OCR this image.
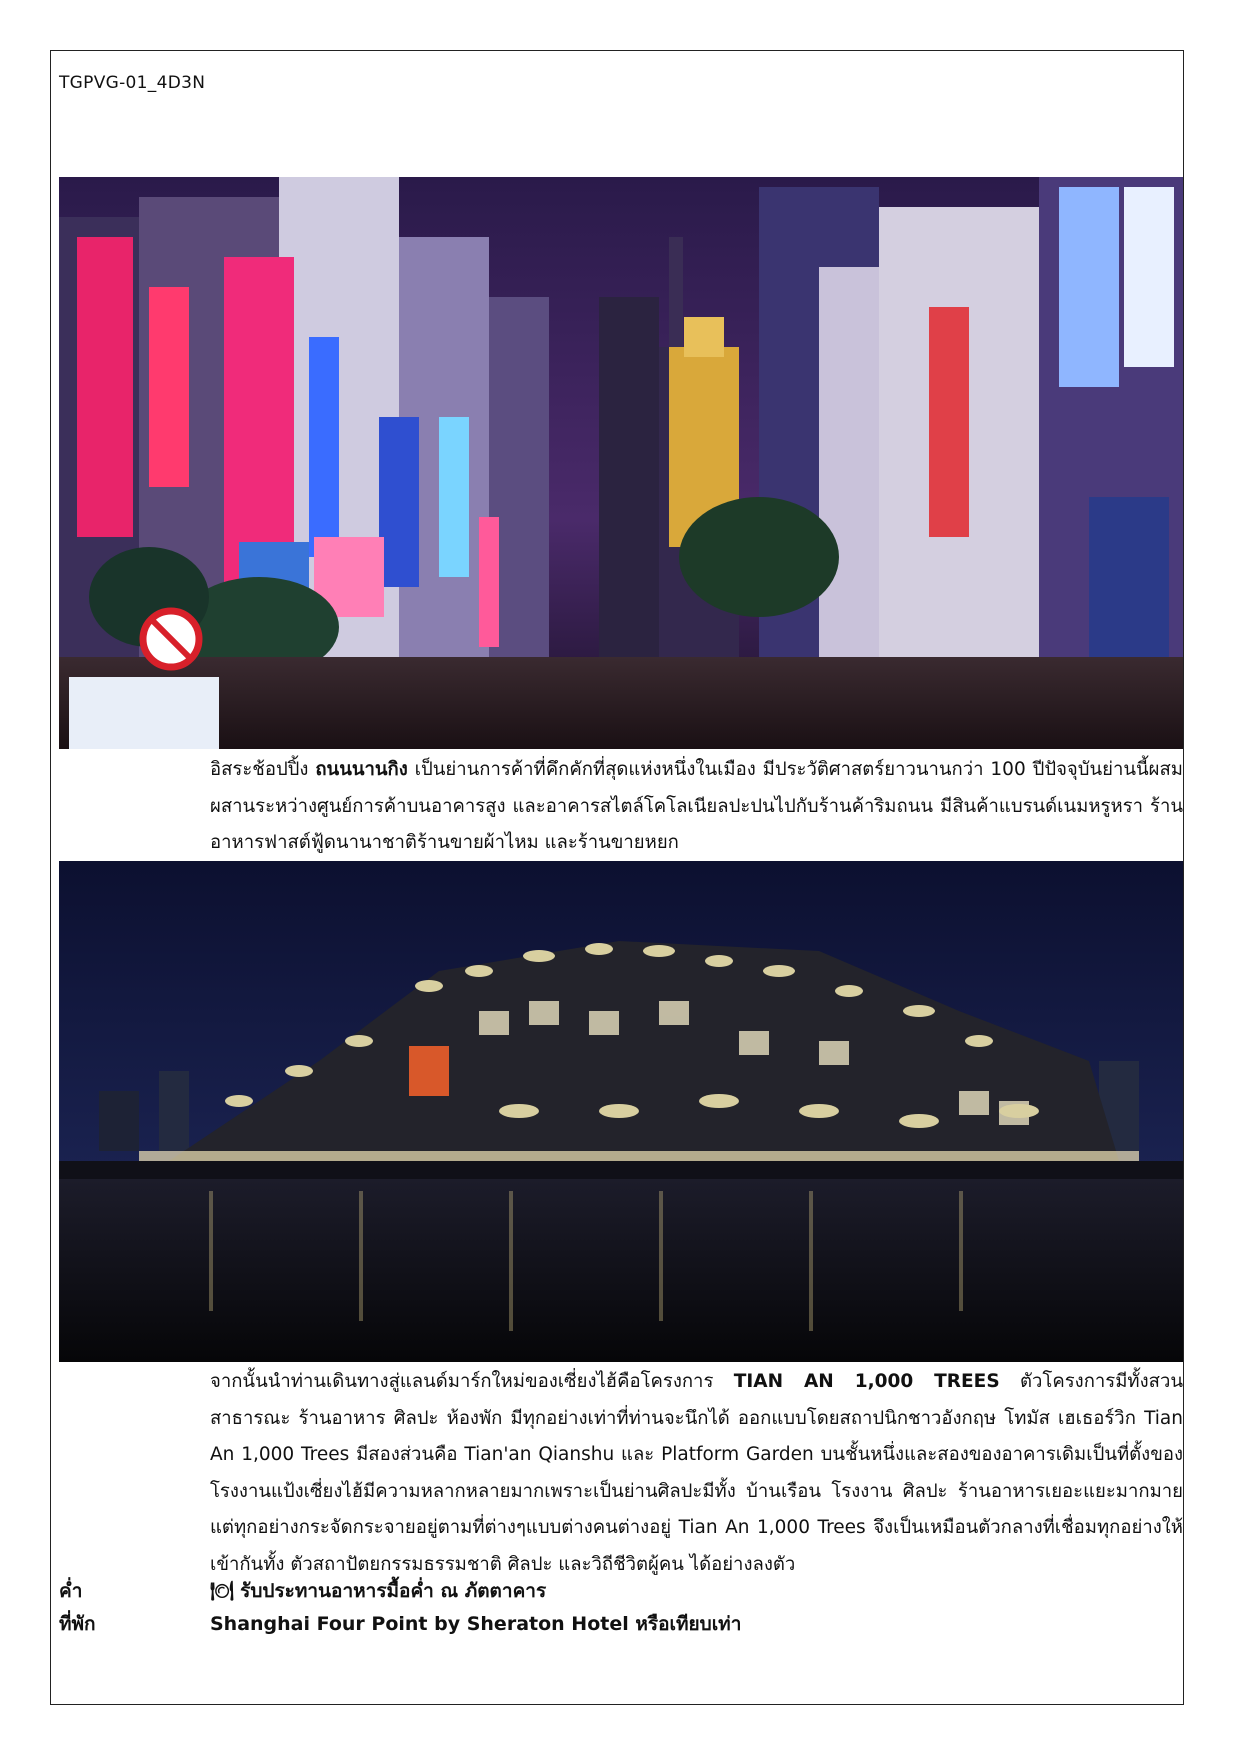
TGPVG-01_4D3N
อิสระช้อปปิ้ง ถนนนานกิง เป็นย่านการค้าที่คึกคักที่สุดแห่งหนึ่งในเมือง มีประวัติศาสตร์ยาวนานกว่า 100 ปีปัจจุบันย่านนี้ผสมผสานระหว่างศูนย์การค้าบนอาคารสูง และอาคารสไตล์โคโลเนียลปะปนไปกับร้านค้าริมถนน มีสินค้าแบรนด์เนมหรูหรา ร้านอาหารฟาสต์ฟู้ดนานาชาติร้านขายผ้าไหม และร้านขายหยก
จากนั้นนำท่านเดินทางสู่แลนด์มาร์กใหม่ของเซี่ยงไฮ้คือโครงการ TIAN AN 1,000 TREES ตัวโครงการมีทั้งสวนสาธารณะ ร้านอาหาร ศิลปะ ห้องพัก มีทุกอย่างเท่าที่ท่านจะนึกได้ ออกแบบโดยสถาปนิกชาวอังกฤษ โทมัส เฮเธอร์วิก Tian An 1,000 Trees มีสองส่วนคือ Tian'an Qianshu และ Platform Garden บนชั้นหนึ่งและสองของอาคารเดิมเป็นที่ตั้งของโรงงานแป้งเซี่ยงไฮ้มีความหลากหลายมากเพราะเป็นย่านศิลปะมีทั้ง บ้านเรือน โรงงาน ศิลปะ ร้านอาหารเยอะแยะมากมาย แต่ทุกอย่างกระจัดกระจายอยู่ตามที่ต่างๆแบบต่างคนต่างอยู่ Tian An 1,000 Trees จึงเป็นเหมือนตัวกลางที่เชื่อมทุกอย่างให้เข้ากันทั้ง ตัวสถาปัตยกรรมธรรมชาติ ศิลปะ และวิถีชีวิตผู้คน ได้อย่างลงตัว
ค่ำ	🍽 รับประทานอาหารมื้อค่ำ ณ ภัตตาคาร
ที่พัก	Shanghai Four Point by Sheraton Hotel หรือเทียบเท่า
